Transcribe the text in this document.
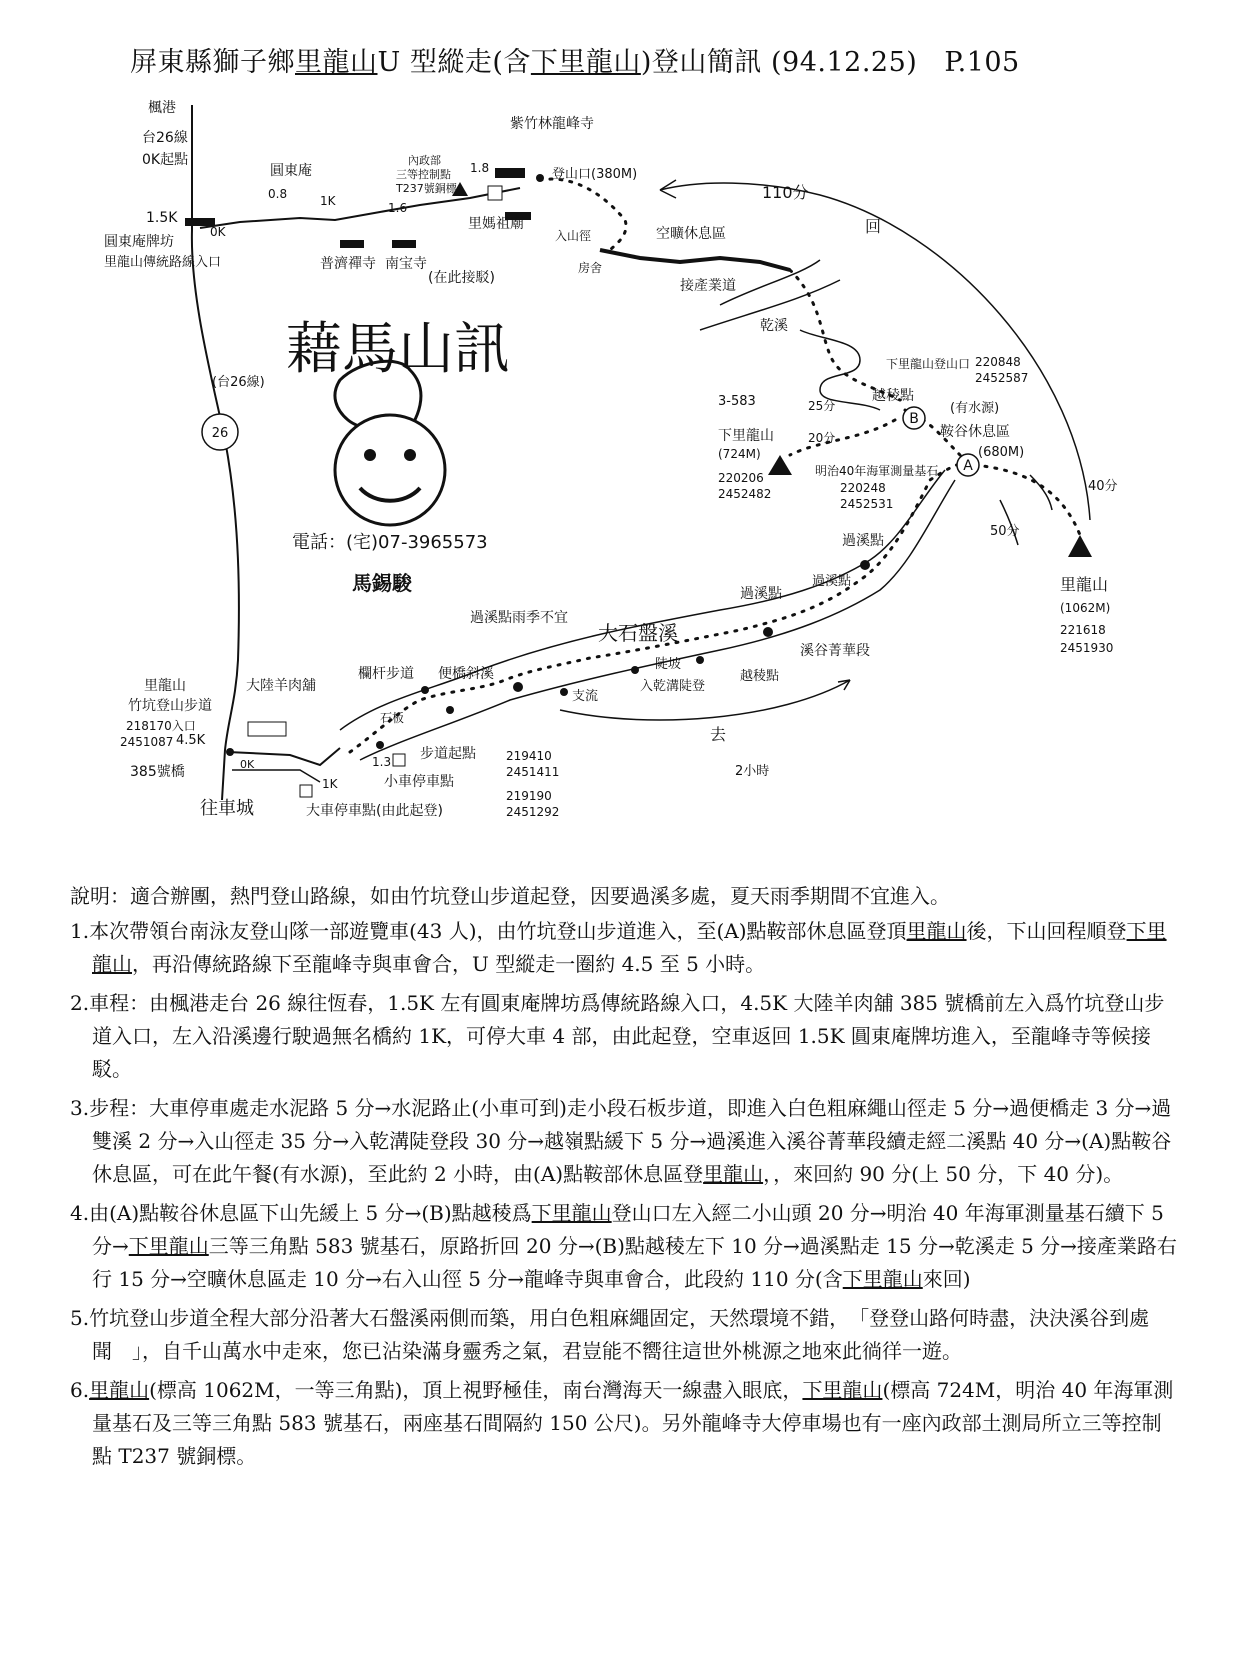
屏東縣獅子鄉里龍山U 型縱走(含下里龍山)登山簡訊 (94.12.25) P.105
A
B
26
楓港
台26線
0K起點
1.5K
0K
圓東庵牌坊
里龍山傳統路線入口
圓東庵
0.8	1K	1.6
普濟禪寺 南宝寺
(在此接駁)
內政部
三等控制點
T237號銅標
1.8
紫竹林龍峰寺
登山口(380M)
里媽祖廟
入山徑
房舍
空曠休息區
接產業道
乾溪
110分
回
220848
2452587
下里龍山登山口
越稜點
(有水源)
鞍谷休息區
(680M)
3-583
下里龍山
(724M)
220206
2452482
25分
20分
明治40年海軍測量基石
220248
2452531
40分
50分
里龍山
(1062M)
221618
2451930
過溪點
過溪點
過溪點
溪谷菁華段
大石盤溪
過溪點雨季不宜
欄杆步道 便橋斜溪
陡坡
入乾溝陡登
越稜點
支流
去
2小時
藉馬山訊
電話：(宅)07-3965573
馬錫駿
(台26線)
里龍山
竹坑登山步道
218170入口
2451087
大陸羊肉舖
4.5K
385號橋
往車城
0K	1.3
1K
石板
步道起點	219410
2451411
小車停車點
大車停車點(由此起登)
219190
2451292

說明：適合辦團，熱門登山路線，如由竹坑登山步道起登，因要過溪多處，夏天雨季期間不宜進入。

1.本次帶領台南泳友登山隊一部遊覽車(43 人)，由竹坑登山步道進入，至(A)點鞍部休息區登頂里龍山後，下山回程順登下里龍山，再沿傳統路線下至龍峰寺與車會合，U 型縱走一圈約 4.5 至 5 小時。

2.車程：由楓港走台 26 線往恆春，1.5K 左有圓東庵牌坊爲傳統路線入口，4.5K 大陸羊肉舖 385 號橋前左入爲竹坑登山步道入口，左入沿溪邊行駛過無名橋約 1K，可停大車 4 部，由此起登，空車返回 1.5K 圓東庵牌坊進入，至龍峰寺等候接駁。

3.步程：大車停車處走水泥路 5 分→水泥路止(小車可到)走小段石板步道，即進入白色粗麻繩山徑走 5 分→過便橋走 3 分→過雙溪 2 分→入山徑走 35 分→入乾溝陡登段 30 分→越嶺點緩下 5 分→過溪進入溪谷菁華段續走經二溪點 40 分→(A)點鞍谷休息區，可在此午餐(有水源)，至此約 2 小時，由(A)點鞍部休息區登里龍山，，來回約 90 分(上 50 分，下 40 分)。

4.由(A)點鞍谷休息區下山先緩上 5 分→(B)點越稜爲下里龍山登山口左入經二小山頭 20 分→明治 40 年海軍測量基石續下 5 分→下里龍山三等三角點 583 號基石，原路折回 20 分→(B)點越稜左下 10 分→過溪點走 15 分→乾溪走 5 分→接產業路右行 15 分→空曠休息區走 10 分→右入山徑 5 分→龍峰寺與車會合，此段約 110 分(含下里龍山來回)

5.竹坑登山步道全程大部分沿著大石盤溪兩側而築，用白色粗麻繩固定，天然環境不錯，　「登登山路何時盡，決決溪谷到處聞　」，自千山萬水中走來，您已沾染滿身靈秀之氣，君豈能不嚮往這世外桃源之地來此徜徉一遊。

6.里龍山(標高 1062M，一等三角點)，頂上視野極佳，南台灣海天一線盡入眼底，下里龍山(標高 724M，明治 40 年海軍測量基石及三等三角點 583 號基石，兩座基石間隔約 150 公尺)。另外龍峰寺大停車場也有一座內政部土測局所立三等控制點 T237 號銅標。
